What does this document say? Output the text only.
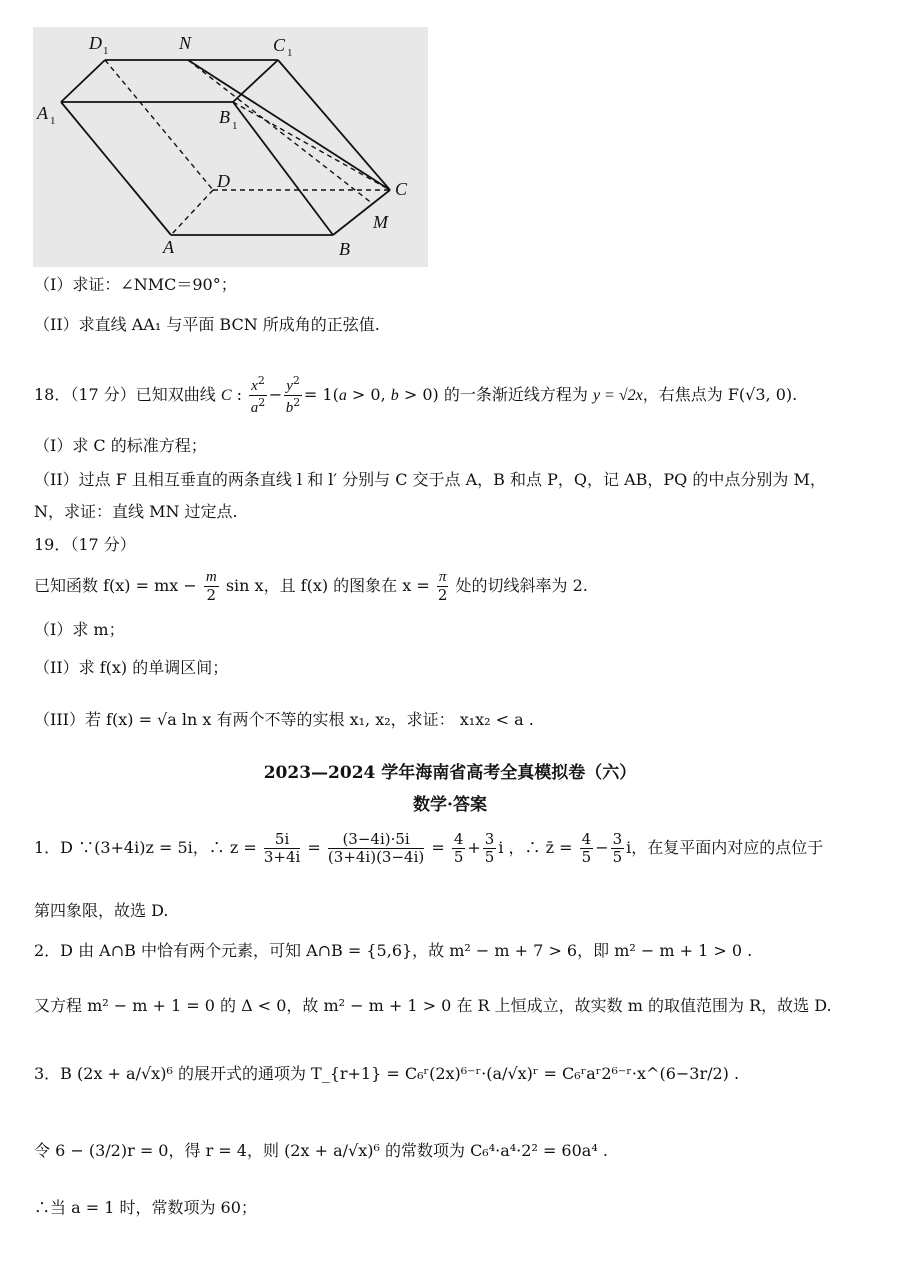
D 1	N	C 1
A 1	B 1
D	C
M
A	B
（I）求证：∠NMC＝90°；
（II）求直线 AA₁ 与平面 BCN 所成角的正弦值.
18．（17 分）已知双曲线 C : $\frac{x^2}{a^2} - \frac{y^2}{b^2} = 1(a > 0$, b > 0) 的一条渐近线方程为 y = √2x，右焦点为 F(√3, 0).
（I）求 C 的标准方程；
（II）过点 F 且相互垂直的两条直线 l 和 l′ 分别与 C 交于点 A，B 和点 P，Q，记 AB，PQ 的中点分别为 M，
N，求证：直线 MN 过定点.
19．（17 分）
已知函数 f(x) = mx − $\frac{m}{2}$ sin x，且 f(x) 的图象在 $x = \frac{\pi}{2}$ 处的切线斜率为 2.
（I）求 m；
（II）求 f(x) 的单调区间；
（III）若 f(x) = √a ln x 有两个不等的实根 x₁, x₂，求证： x₁x₂ < a .
2023—2024 学年海南省高考全真模拟卷（六）
数学·答案
1．D ∵(3+4i)z = 5i，∴ $z = \frac{5i}{3+4i} = \frac{(3-4i)\cdot 5i}{(3+4i)(3-4i)} = \frac{4}{5} + \frac{3}{5}$ i ，∴ z̄ = $\frac{4}{5} - \frac{3}{5}$ i，在复平面内对应的点位于
第四象限，故选 D.
2．D 由 A∩B 中恰有两个元素，可知 A∩B = {5,6}，故 m² − m + 7 > 6，即 m² − m + 1 > 0 .
又方程 m² − m + 1 = 0 的 Δ < 0，故 m² − m + 1 > 0 在 R 上恒成立，故实数 m 的取值范围为 R，故选 D.
3．B (2x + a/√x)⁶ 的展开式的通项为 T_{r+1} = C₆ʳ(2x)⁶⁻ʳ·(a/√x)ʳ = C₆ʳaʳ2⁶⁻ʳ·x^(6−3r/2) .
令 6 − (3/2)r = 0，得 r = 4，则 (2x + a/√x)⁶ 的常数项为 C₆⁴·a⁴·2² = 60a⁴ .
∴当 a = 1 时，常数项为 60；
